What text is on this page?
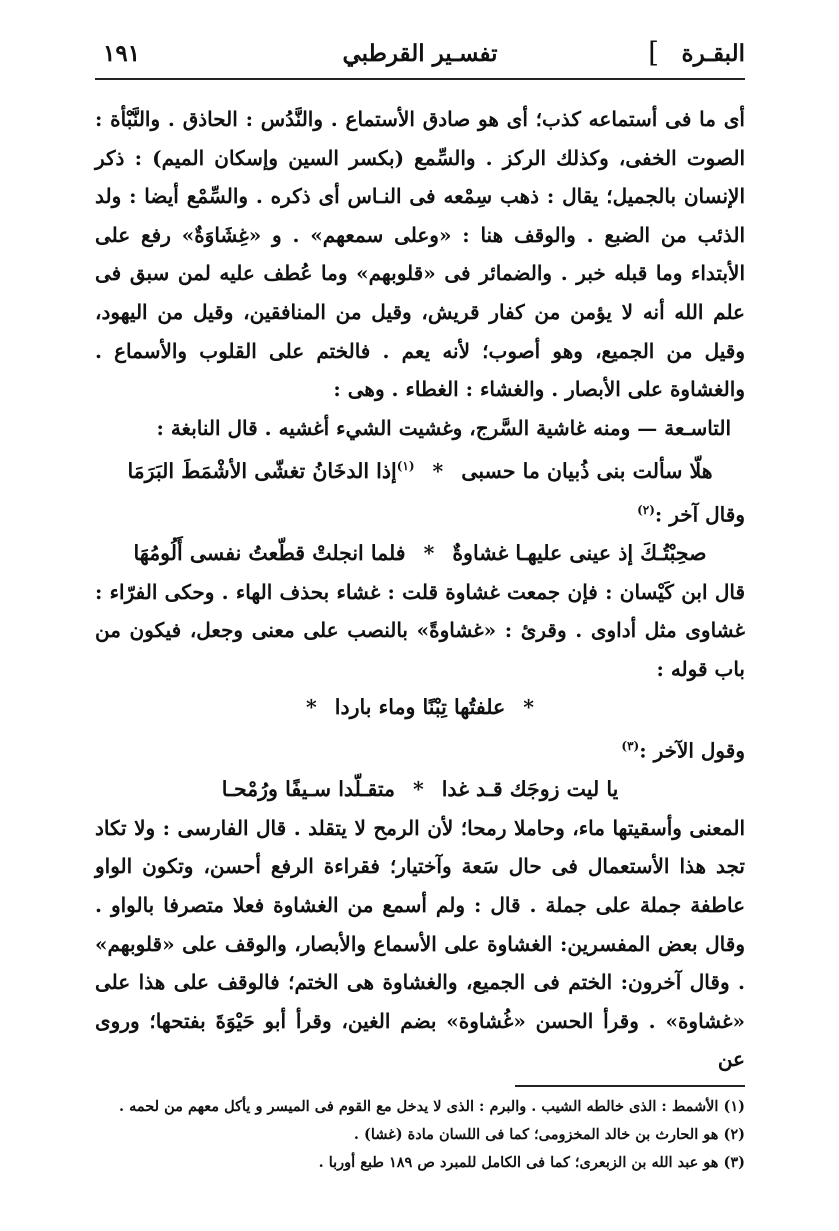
البقـرة
]
تفسـير القرطبي
١٩١

أى ما فى أستماعه كذب؛ أى هو صادق الأستماع . والنَّدُس : الحاذق . والنَّبْأة : الصوت الخفى، وكذلك الركز . والسِّمع (بكسر السين وإسكان الميم) : ذكر الإنسان بالجميل؛ يقال : ذهب سِمْعه فى النـاس أى ذكره . والسِّمْع أيضا : ولد الذئب من الضبع . والوقف هنا : «وعلى سمعهم» . و «غِشَاوَةٌ» رفع على الأبتداء وما قبله خبر . والضمائر فى «قلوبهم» وما عُطف عليه لمن سبق فى علم الله أنه لا يؤمن من كفار قريش، وقيل من المنافقين، وقيل من اليهود، وقيل من الجميع، وهو أصوب؛ لأنه يعم . فالختم على القلوب والأسماع . والغشاوة على الأبصار . والغشاء : الغطاء . وهى :

التاسـعة — ومنه غاشية السَّرج، وغشيت الشيء أغشيه . قال النابغة :

هلّا سألت بنى ذُبيان ما حسبى*$^{(١)}$إذا الدخَانُ تغشّى الأشْمَطَ البَرَمَا

وقال آخر :$^{(٢)}$

صحِبْتُـكَ إذ عينى عليهـا غشاوةٌ*فلما انجلتْ قطّعتُ نفسى أَلُومُهَا

قال ابن كَيْسان : فإن جمعت غشاوة قلت : غشاء بحذف الهاء . وحكى الفرّاء : غشاوى مثل أداوى . وقرئ : «غشاوةً» بالنصب على معنى وجعل، فيكون من باب قوله :

*علفتُها تِبْنًا وماء باردا*

وقول الآخر :$^{(٣)}$

يا ليت زوجَك قـد غدا*متقـلّدا سـيفًا ورُمْحـا

المعنى وأسقيتها ماء، وحاملا رمحا؛ لأن الرمح لا يتقلد . قال الفارسى : ولا تكاد تجد هذا الأستعمال فى حال سَعة وآختيار؛ فقراءة الرفع أحسن، وتكون الواو عاطفة جملة على جملة . قال : ولم أسمع من الغشاوة فعلا متصرفا بالواو . وقال بعض المفسرين: الغشاوة على الأسماع والأبصار، والوقف على «قلوبهم» . وقال آخرون: الختم فى الجميع، والغشاوة هى الختم؛ فالوقف على هذا على «غشاوة» . وقرأ الحسن «غُشاوة» بضم الغين، وقرأ أبو حَيْوَةَ بفتحها؛ وروى عن

(١) الأشمط : الذى خالطه الشيب . والبرم : الذى لا يدخل مع القوم فى الميسر و يأكل معهم من لحمه .

(٢) هو الحارث بن خالد المخزومى؛ كما فى اللسان مادة (غشا) .

(٣) هو عبد الله بن الزبعرى؛ كما فى الكامل للمبرد ص ١٨٩ طبع أوربا .
